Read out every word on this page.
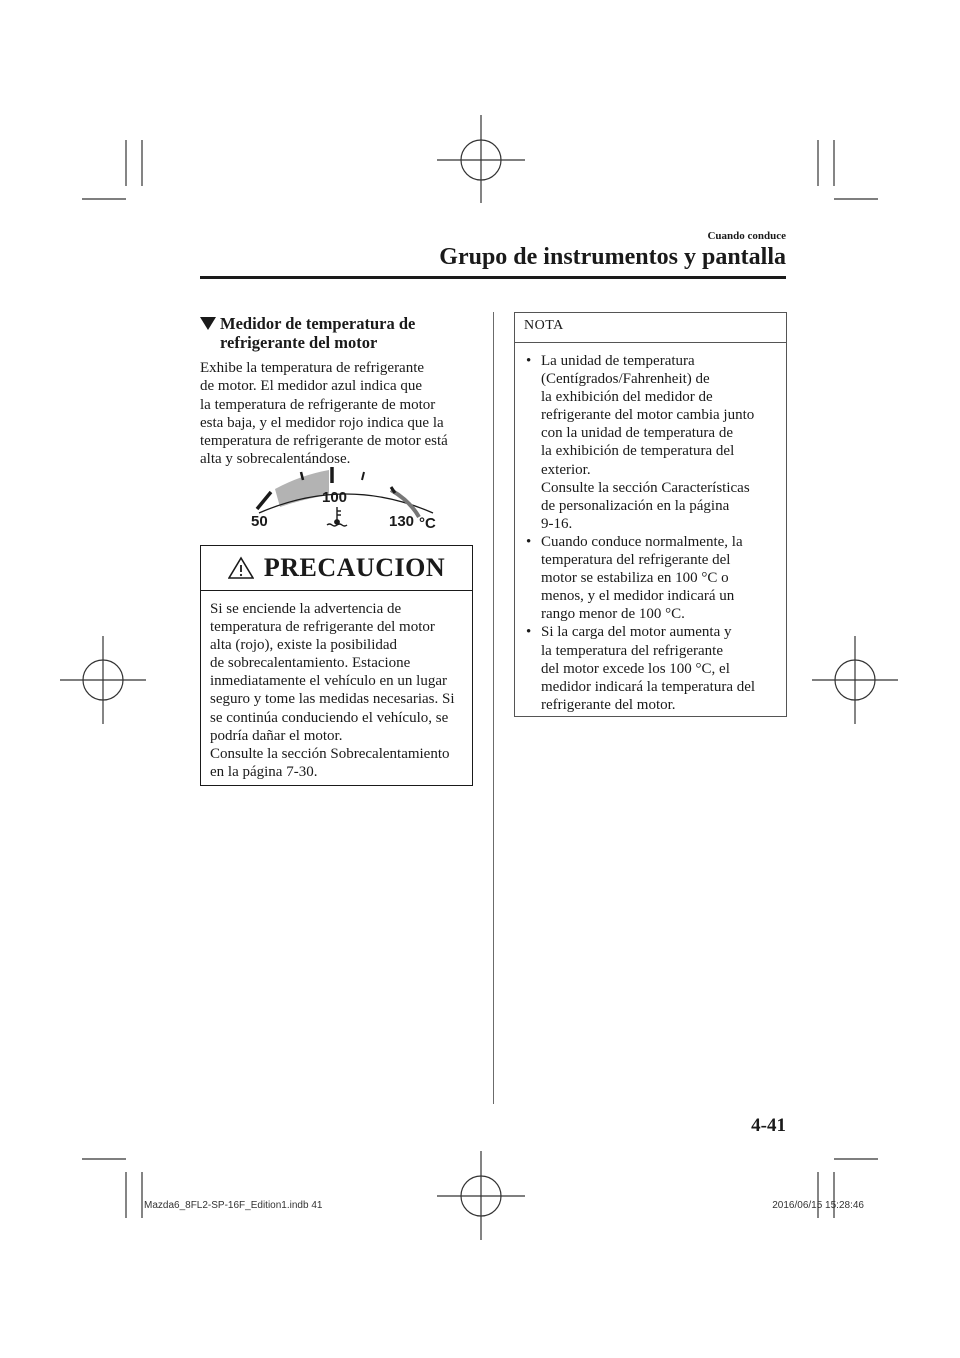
Cuando conduce
Grupo de instrumentos y pantalla
Medidor de temperatura de
refrigerante del motor
Exhibe la temperatura de refrigerante
de motor. El medidor azul indica que
la temperatura de refrigerante de motor
esta baja, y el medidor rojo indica que la
temperatura de refrigerante de motor está
alta y sobrecalentándose.
50
100
130 °C
PRECAUCION
Si se enciende la advertencia de
temperatura de refrigerante del motor
alta (rojo), existe la posibilidad
de sobrecalentamiento. Estacione
inmediatamente el vehículo en un lugar
seguro y tome las medidas necesarias. Si
se continúa conduciendo el vehículo, se
podría dañar el motor.
Consulte la sección Sobrecalentamiento
en la página 7-30.
NOTA
• La unidad de temperatura
(Centígrados/Fahrenheit) de
la exhibición del medidor de
refrigerante del motor cambia junto
con la unidad de temperatura de
la exhibición de temperatura del
exterior.
Consulte la sección Características
de personalización en la página
9-16.
• Cuando conduce normalmente, la
temperatura del refrigerante del
motor se estabiliza en 100 °C o
menos, y el medidor indicará un
rango menor de 100 °C.
• Si la carga del motor aumenta y
la temperatura del refrigerante
del motor excede los 100 °C, el
medidor indicará la temperatura del
refrigerante del motor.
4-41
Mazda6_8FL2-SP-16F_Edition1.indb 41	2016/06/15 15:28:46
